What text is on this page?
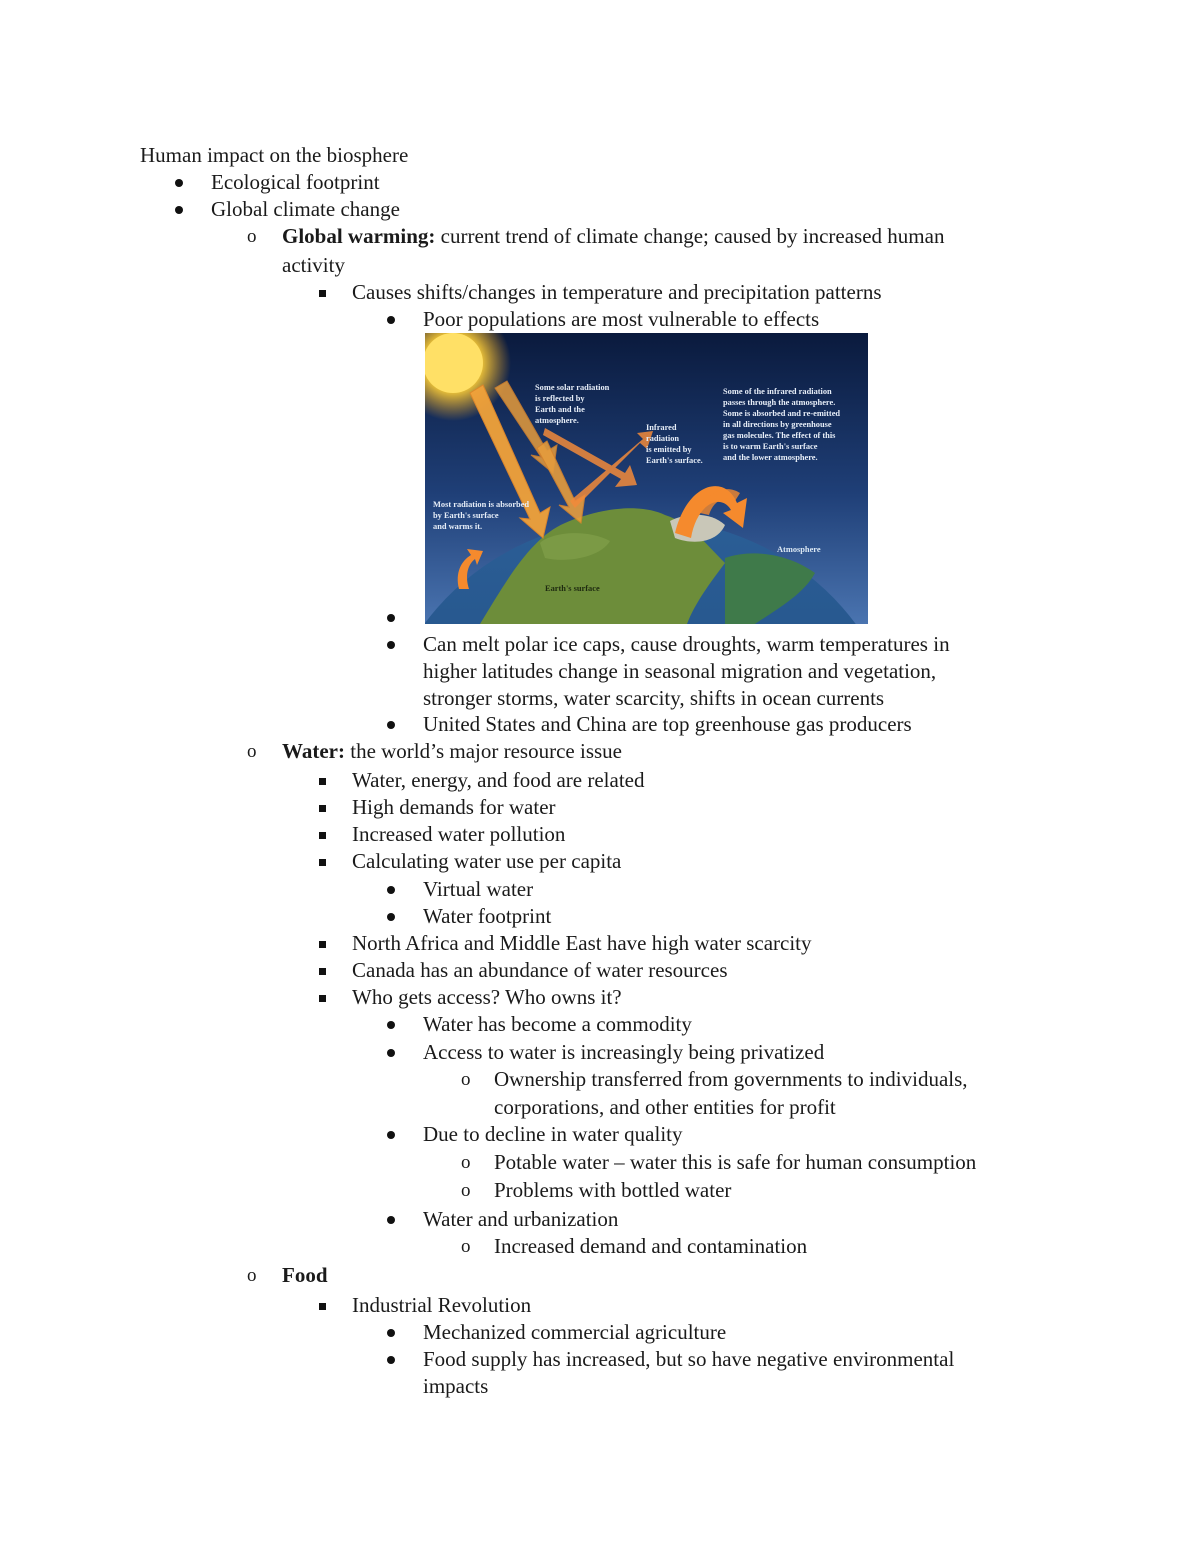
Human impact on the biosphere
Ecological footprint
Global climate change
o Global warming: current trend of climate change; caused by increased human
activity
Causes shifts/changes in temperature and precipitation patterns
Poor populations are most vulnerable to effects
Some solar radiation is reflected by Earth and the atmosphere.
Infrared radiation is emitted by Earth's surface.
Some of the infrared radiation passes through the atmosphere. Some is absorbed and re-emitted in all directions by greenhouse gas molecules. The effect of this is to warm Earth's surface and the lower atmosphere.
Most radiation is absorbed by Earth's surface and warms it.
Atmosphere
Earth's surface
Can melt polar ice caps, cause droughts, warm temperatures in
higher latitudes change in seasonal migration and vegetation,
stronger storms, water scarcity, shifts in ocean currents
United States and China are top greenhouse gas producers
o Water: the world’s major resource issue
Water, energy, and food are related
High demands for water
Increased water pollution
Calculating water use per capita
Virtual water
Water footprint
North Africa and Middle East have high water scarcity
Canada has an abundance of water resources
Who gets access? Who owns it?
Water has become a commodity
Access to water is increasingly being privatized
o Ownership transferred from governments to individuals,
corporations, and other entities for profit
Due to decline in water quality
o Potable water – water this is safe for human consumption
o Problems with bottled water
Water and urbanization
o Increased demand and contamination
o Food
Industrial Revolution
Mechanized commercial agriculture
Food supply has increased, but so have negative environmental
impacts
